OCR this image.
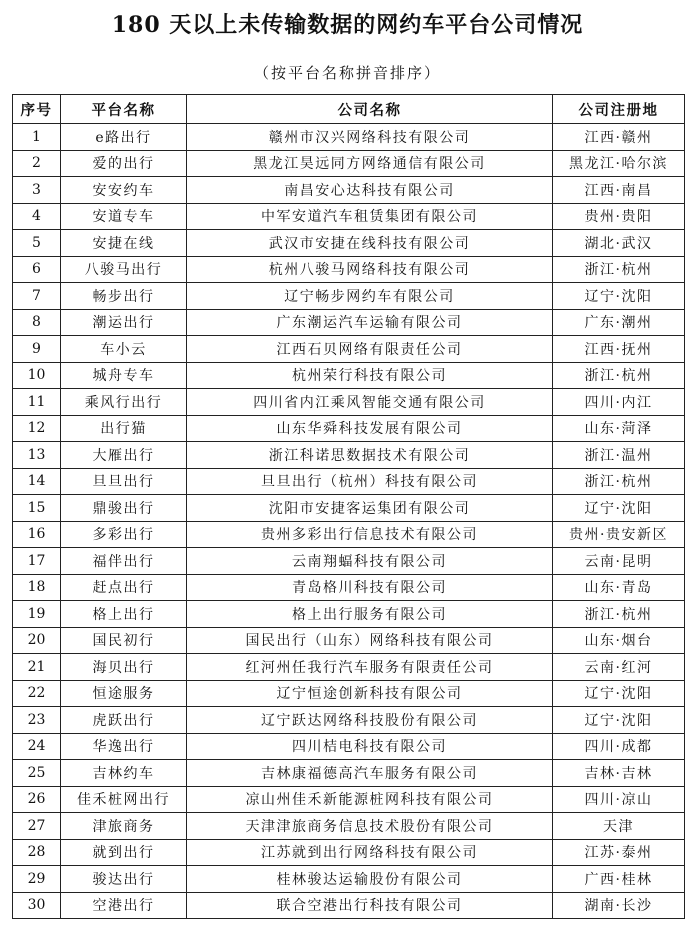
180 天以上未传输数据的网约车平台公司情况
（按平台名称拼音排序）
序号	平台名称	公司名称	公司注册地
1	e路出行	赣州市汉兴网络科技有限公司	江西·赣州
2	爱的出行	黑龙江昊远同方网络通信有限公司	黑龙江·哈尔滨
3	安安约车	南昌安心达科技有限公司	江西·南昌
4	安道专车	中军安道汽车租赁集团有限公司	贵州·贵阳
5	安捷在线	武汉市安捷在线科技有限公司	湖北·武汉
6	八骏马出行	杭州八骏马网络科技有限公司	浙江·杭州
7	畅步出行	辽宁畅步网约车有限公司	辽宁·沈阳
8	潮运出行	广东潮运汽车运输有限公司	广东·潮州
9	车小云	江西石贝网络有限责任公司	江西·抚州
10	城舟专车	杭州荣行科技有限公司	浙江·杭州
11	乘风行出行	四川省内江乘风智能交通有限公司	四川·内江
12	出行猫	山东华舜科技发展有限公司	山东·菏泽
13	大雁出行	浙江科诺思数据技术有限公司	浙江·温州
14	旦旦出行	旦旦出行（杭州）科技有限公司	浙江·杭州
15	鼎骏出行	沈阳市安捷客运集团有限公司	辽宁·沈阳
16	多彩出行	贵州多彩出行信息技术有限公司	贵州·贵安新区
17	福伴出行	云南翔蝠科技有限公司	云南·昆明
18	赶点出行	青岛格川科技有限公司	山东·青岛
19	格上出行	格上出行服务有限公司	浙江·杭州
20	国民初行	国民出行（山东）网络科技有限公司	山东·烟台
21	海贝出行	红河州任我行汽车服务有限责任公司	云南·红河
22	恒途服务	辽宁恒途创新科技有限公司	辽宁·沈阳
23	虎跃出行	辽宁跃达网络科技股份有限公司	辽宁·沈阳
24	华逸出行	四川桔电科技有限公司	四川·成都
25	吉林约车	吉林康福德高汽车服务有限公司	吉林·吉林
26	佳禾桩网出行	凉山州佳禾新能源桩网科技有限公司	四川·凉山
27	津旅商务	天津津旅商务信息技术股份有限公司	天津
28	就到出行	江苏就到出行网络科技有限公司	江苏·泰州
29	骏达出行	桂林骏达运输股份有限公司	广西·桂林
30	空港出行	联合空港出行科技有限公司	湖南·长沙
